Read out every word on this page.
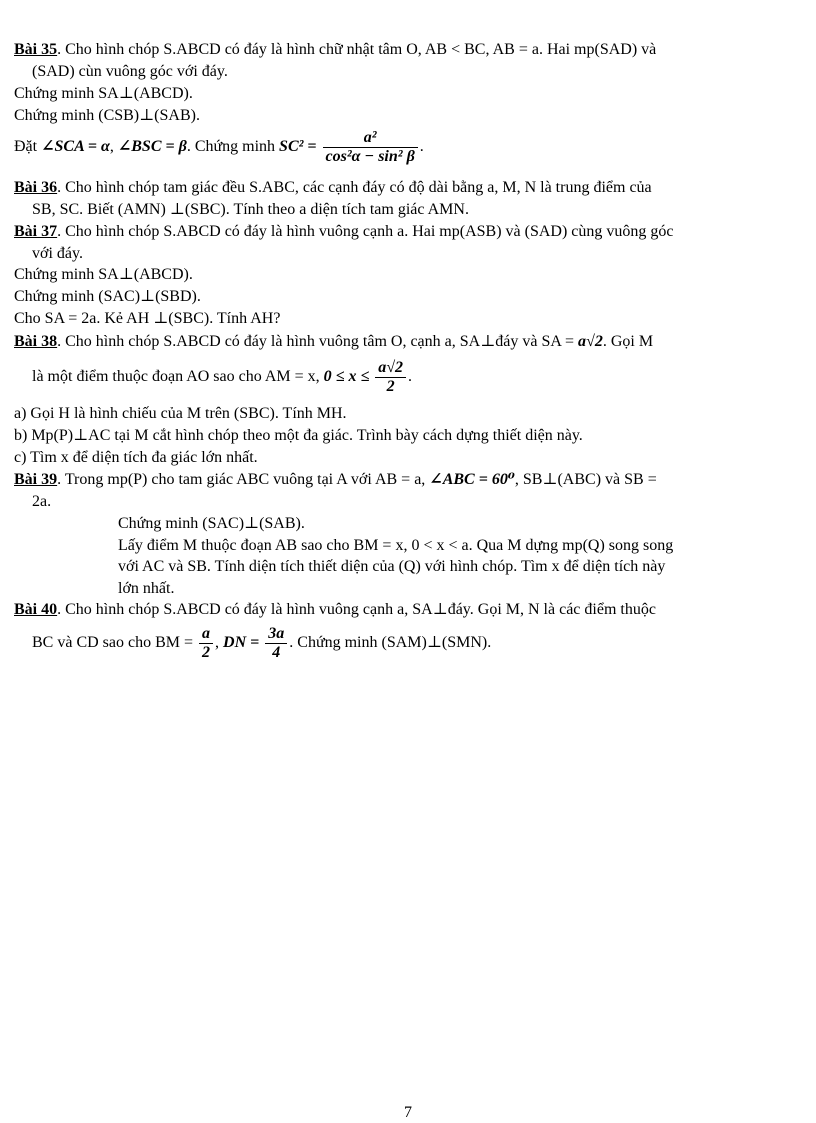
Bài 35. Cho hình chóp S.ABCD có đáy là hình chữ nhật tâm O, AB < BC, AB = a. Hai mp(SAD) và
(SAD) cùn vuông góc với đáy.
Chứng minh SA⊥(ABCD).
Chứng minh (CSB)⊥(SAB).
Đặt ∠SCA = α, ∠BSC = β. Chứng minh $SC^2 = \frac{\text{a²}}{\text{cos²α − sin² β}}$ .
Bài 36. Cho hình chóp tam giác đều S.ABC, các cạnh đáy có độ dài bằng a, M, N là trung điểm của
SB, SC. Biết (AMN) ⊥(SBC). Tính theo a diện tích tam giác AMN.
Bài 37. Cho hình chóp S.ABCD có đáy là hình vuông cạnh a. Hai mp(ASB) và (SAD) cùng vuông góc
với đáy.
Chứng minh SA⊥(ABCD).
Chứng minh (SAC)⊥(SBD).
Cho SA = 2a. Kẻ AH ⊥(SBC). Tính AH?
Bài 38. Cho hình chóp S.ABCD có đáy là hình vuông tâm O, cạnh a, SA⊥đáy và SA = a√2. Gọi M
là một điểm thuộc đoạn AO sao cho AM = x, $0 \le x \le \frac{a√2}{2}$ .
a) Gọi H là hình chiếu của M trên (SBC). Tính MH.
b) Mp(P)⊥AC tại M cắt hình chóp theo một đa giác. Trình bày cách dựng thiết diện này.
c) Tìm x để diện tích đa giác lớn nhất.
Bài 39. Trong mp(P) cho tam giác ABC vuông tại A với AB = a, ∠ABC = 60⁰, SB⊥(ABC) và SB =
2a.
Chứng minh (SAC)⊥(SAB).
Lấy điểm M thuộc đoạn AB sao cho BM = x, 0 < x < a. Qua M dựng mp(Q) song song
với AC và SB. Tính diện tích thiết diện của (Q) với hình chóp. Tìm x để diện tích này
lớn nhất.
Bài 40. Cho hình chóp S.ABCD có đáy là hình vuông cạnh a, SA⊥đáy. Gọi M, N là các điểm thuộc
BC và CD sao cho BM = $\frac{a}{2}$ , DN = $\frac{3a}{4}$ . Chứng minh (SAM)⊥(SMN).
7
